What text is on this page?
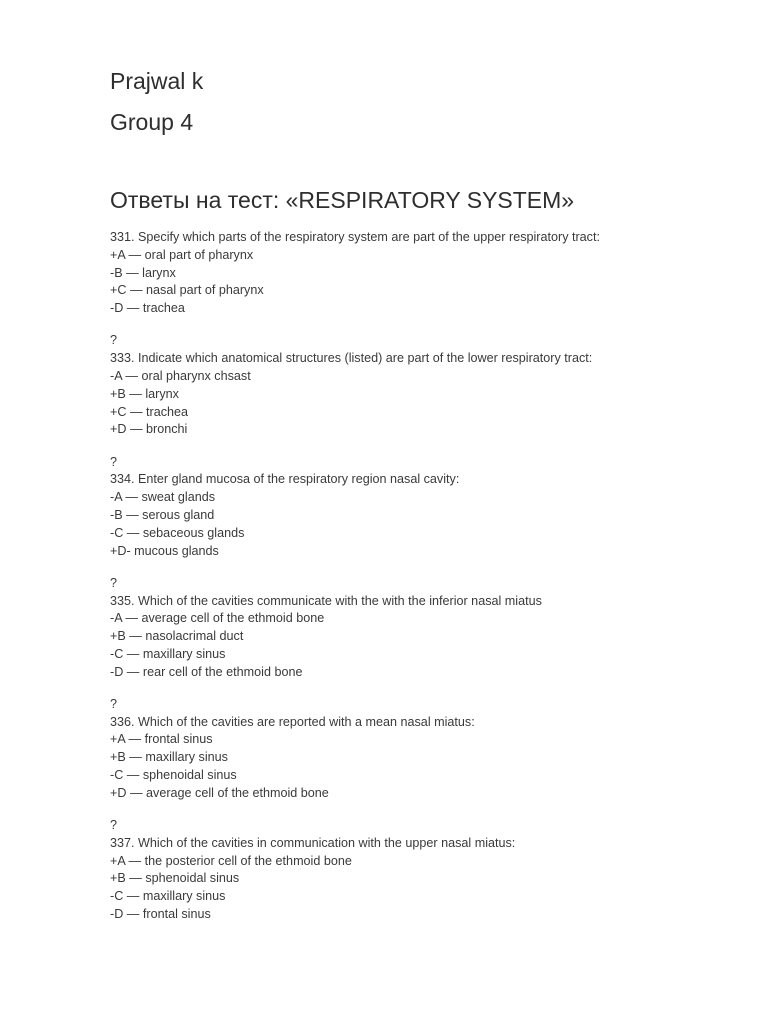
Prajwal k
Group 4
Ответы на тест: «RESPIRATORY SYSTEM»
331. Specify which parts of the respiratory system are part of the upper respiratory tract:
+A — oral part of pharynx
-B — larynx
+C — nasal part of pharynx
-D — trachea
?
333. Indicate which anatomical structures (listed) are part of the lower respiratory tract:
-A — oral pharynx chsast
+B — larynx
+C — trachea
+D — bronchi
?
334. Enter gland mucosa of the respiratory region nasal cavity:
-A — sweat glands
-B — serous gland
-C — sebaceous glands
+D- mucous glands
?
335. Which of the cavities communicate with the with the inferior nasal miatus
-A — average cell of the ethmoid bone
+B — nasolacrimal duct
-C — maxillary sinus
-D — rear cell of the ethmoid bone
?
336. Which of the cavities are reported with a mean nasal miatus:
+A — frontal sinus
+B — maxillary sinus
-C — sphenoidal sinus
+D — average cell of the ethmoid bone
?
337. Which of the cavities in communication with the upper nasal miatus:
+A — the posterior cell of the ethmoid bone
+B — sphenoidal sinus
-C — maxillary sinus
-D — frontal sinus
